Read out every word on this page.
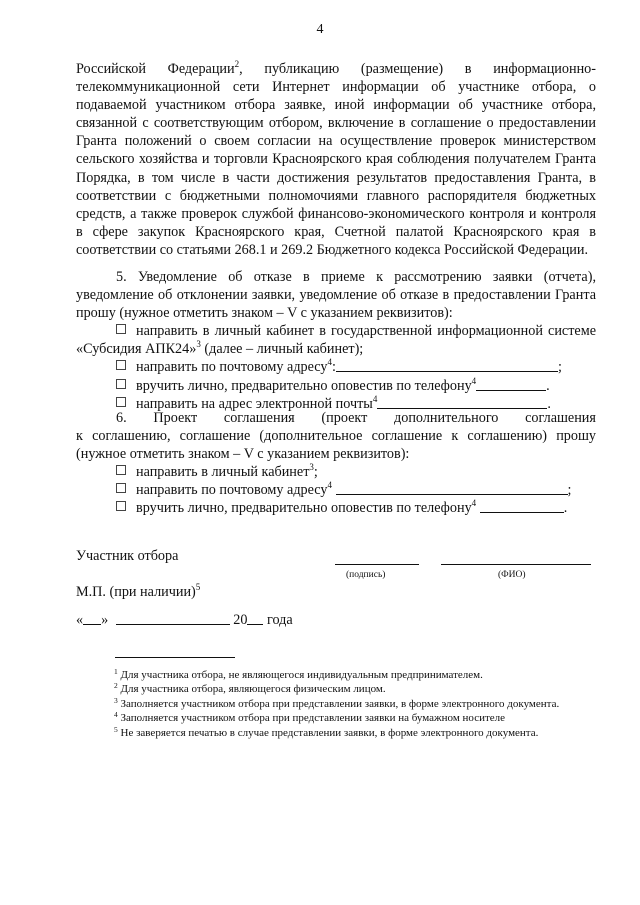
4

Российской Федерации$^2$, публикацию (размещение) в информационно-телекоммуникационной сети Интернет информации об участнике отбора, о подаваемой участником отбора заявке, иной информации об участнике отбора, связанной с соответствующим отбором, включение в соглашение о предоставлении Гранта положений о своем согласии на осуществление проверок министерством сельского хозяйства и торговли Красноярского края соблюдения получателем Гранта Порядка, в том числе в части достижения результатов предоставления Гранта, в соответствии с бюджетными полномочиями главного распорядителя бюджетных средств, а также проверок службой финансово-экономического контроля и контроля в сфере закупок Красноярского края, Счетной палатой Красноярского края в соответствии со статьями 268.1 и 269.2 Бюджетного кодекса Российской Федерации.

5. Уведомление об отказе в приеме к рассмотрению заявки (отчета), уведомление об отклонении заявки, уведомление об отказе в предоставлении Гранта прошу (нужное отметить знаком – V с указанием реквизитов):

направить в личный кабинет в государственной информационной системе «Субсидия АПК24»$^3$ (далее – личный кабинет);
направить по почтовому адресу$^4$:	;
вручить лично, предварительно оповестив по телефону$^4$	.
направить на адрес электронной почты$^4$	.
6. Проект соглашения (проект дополнительного соглашения

к соглашению, соглашение (дополнительное соглашение к соглашению) прошу (нужное отметить знаком – V с указанием реквизитов):

направить в личный кабинет$^3$;
направить по почтовому адресу$^4$	;
вручить лично, предварительно оповестив по телефону$^4$	.
Участник отбора
(подпись)	(ФИО)
М.П. (при наличии)$^5$
« »	20 года

$^1$ Для участника отбора, не являющегося индивидуальным предпринимателем.

$^2$ Для участника отбора, являющегося физическим лицом.

$^3$ Заполняется участником отбора при представлении заявки, в форме электронного документа.

$^4$ Заполняется участником отбора при представлении заявки на бумажном носителе

$^5$ Не заверяется печатью в случае представлении заявки, в форме электронного документа.
